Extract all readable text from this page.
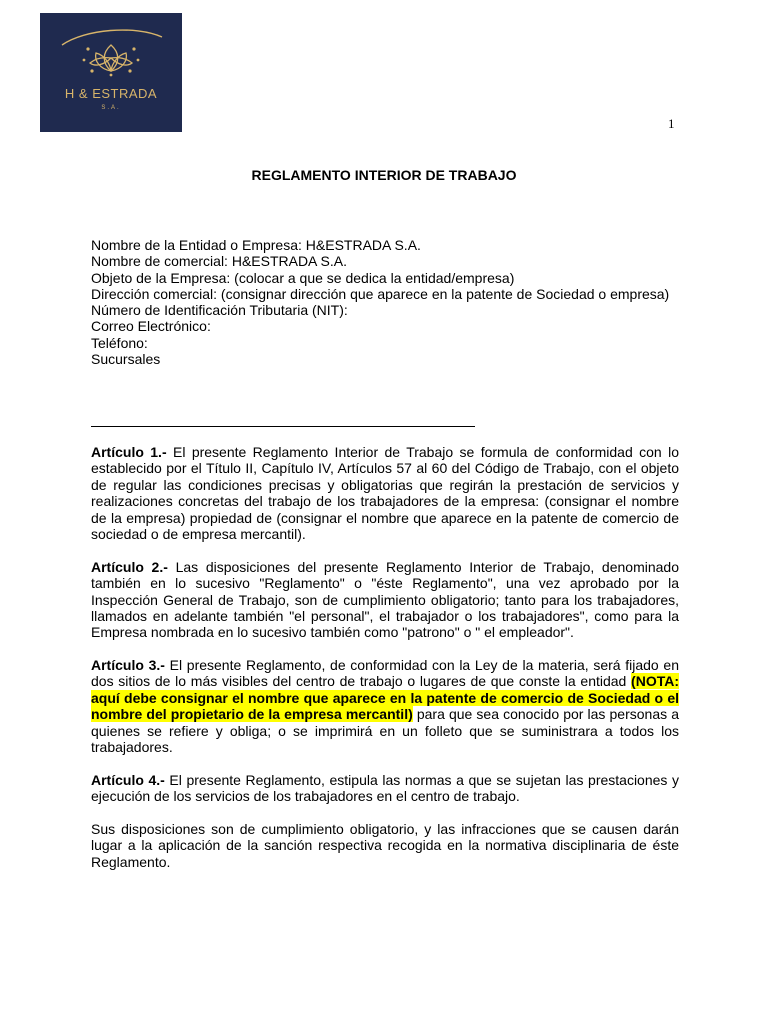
H & ESTRADA
S.A.
1
REGLAMENTO INTERIOR DE TRABAJO
Nombre de la Entidad o Empresa: H&ESTRADA S.A.
Nombre de comercial: H&ESTRADA S.A.
Objeto de la Empresa: (colocar a que se dedica la entidad/empresa)
Dirección comercial: (consignar dirección que aparece en la patente de Sociedad o empresa)
Número de Identificación Tributaria (NIT):
Correo Electrónico:
Teléfono:
Sucursales

Artículo 1.- El presente Reglamento Interior de Trabajo se formula de conformidad con lo establecido por el Título II, Capítulo IV, Artículos 57 al 60 del Código de Trabajo, con el objeto de regular las condiciones precisas y obligatorias que regirán la prestación de servicios y realizaciones concretas del trabajo de los trabajadores de la empresa: (consignar el nombre de la empresa) propiedad de (consignar el nombre que aparece en la patente de comercio de sociedad o de empresa mercantil).

Artículo 2.- Las disposiciones del presente Reglamento Interior de Trabajo, denominado también en lo sucesivo "Reglamento" o "éste Reglamento", una vez aprobado por la Inspección General de Trabajo, son de cumplimiento obligatorio; tanto para los trabajadores, llamados en adelante también "el personal", el trabajador o los trabajadores", como para la Empresa nombrada en lo sucesivo también como "patrono" o " el empleador".

Artículo 3.- El presente Reglamento, de conformidad con la Ley de la materia, será fijado en dos sitios de lo más visibles del centro de trabajo o lugares de que conste la entidad (NOTA: aquí debe consignar el nombre que aparece en la patente de comercio de Sociedad o el nombre del propietario de la empresa mercantil) para que sea conocido por las personas a quienes se refiere y obliga; o se imprimirá en un folleto que se suministrara a todos los trabajadores.

Artículo 4.- El presente Reglamento, estipula las normas a que se sujetan las prestaciones y ejecución de los servicios de los trabajadores en el centro de trabajo.

Sus disposiciones son de cumplimiento obligatorio, y las infracciones que se causen darán lugar a la aplicación de la sanción respectiva recogida en la normativa disciplinaria de éste Reglamento.
